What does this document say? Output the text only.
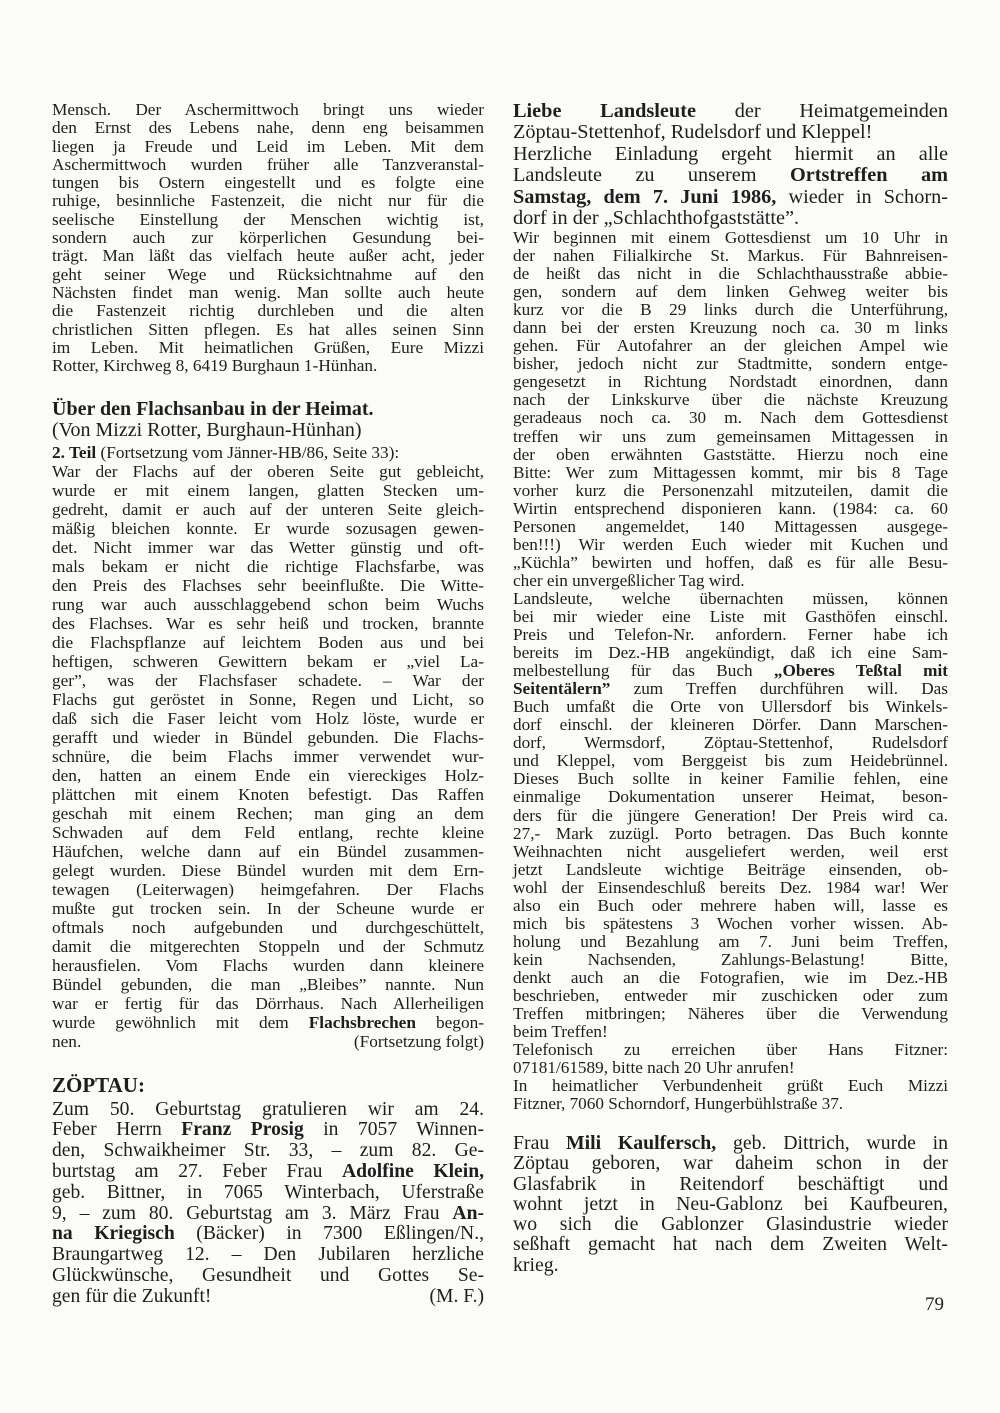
Mensch. Der Aschermittwoch bringt uns wieder
den Ernst des Lebens nahe, denn eng beisammen
liegen ja Freude und Leid im Leben. Mit dem
Aschermittwoch wurden früher alle Tanzveranstal-
tungen bis Ostern eingestellt und es folgte eine
ruhige, besinnliche Fastenzeit, die nicht nur für die
seelische Einstellung der Menschen wichtig ist,
sondern auch zur körperlichen Gesundung bei-
trägt. Man läßt das vielfach heute außer acht, jeder
geht seiner Wege und Rücksichtnahme auf den
Nächsten findet man wenig. Man sollte auch heute
die Fastenzeit richtig durchleben und die alten
christlichen Sitten pflegen. Es hat alles seinen Sinn
im Leben. Mit heimatlichen Grüßen, Eure Mizzi
Rotter, Kirchweg 8, 6419 Burghaun 1-Hünhan.
Über den Flachsanbau in der Heimat.
(Von Mizzi Rotter, Burghaun-Hünhan)
2. Teil (Fortsetzung vom Jänner-HB/86, Seite 33):
War der Flachs auf der oberen Seite gut gebleicht,
wurde er mit einem langen, glatten Stecken um-
gedreht, damit er auch auf der unteren Seite gleich-
mäßig bleichen konnte. Er wurde sozusagen gewen-
det. Nicht immer war das Wetter günstig und oft-
mals bekam er nicht die richtige Flachsfarbe, was
den Preis des Flachses sehr beeinflußte. Die Witte-
rung war auch ausschlaggebend schon beim Wuchs
des Flachses. War es sehr heiß und trocken, brannte
die Flachspflanze auf leichtem Boden aus und bei
heftigen, schweren Gewittern bekam er „viel La-
ger”, was der Flachsfaser schadete. – War der
Flachs gut geröstet in Sonne, Regen und Licht, so
daß sich die Faser leicht vom Holz löste, wurde er
gerafft und wieder in Bündel gebunden. Die Flachs-
schnüre, die beim Flachs immer verwendet wur-
den, hatten an einem Ende ein viereckiges Holz-
plättchen mit einem Knoten befestigt. Das Raffen
geschah mit einem Rechen; man ging an dem
Schwaden auf dem Feld entlang, rechte kleine
Häufchen, welche dann auf ein Bündel zusammen-
gelegt wurden. Diese Bündel wurden mit dem Ern-
tewagen (Leiterwagen) heimgefahren. Der Flachs
mußte gut trocken sein. In der Scheune wurde er
oftmals noch aufgebunden und durchgeschüttelt,
damit die mitgerechten Stoppeln und der Schmutz
herausfielen. Vom Flachs wurden dann kleinere
Bündel gebunden, die man „Bleibes” nannte. Nun
war er fertig für das Dörrhaus. Nach Allerheiligen
wurde gewöhnlich mit dem Flachsbrechen begon-
nen.	(Fortsetzung folgt)
ZÖPTAU:
Zum 50. Geburtstag gratulieren wir am 24.
Feber Herrn Franz Prosig in 7057 Winnen-
den, Schwaikheimer Str. 33, – zum 82. Ge-
burtstag am 27. Feber Frau Adolfine Klein,
geb. Bittner, in 7065 Winterbach, Uferstraße
9, – zum 80. Geburtstag am 3. März Frau An-
na Kriegisch (Bäcker) in 7300 Eßlingen/N.,
Braungartweg 12. – Den Jubilaren herzliche
Glückwünsche, Gesundheit und Gottes Se-
gen für die Zukunft!	(M. F.)
Liebe Landsleute der Heimatgemeinden
Zöptau-Stettenhof, Rudelsdorf und Kleppel!
Herzliche Einladung ergeht hiermit an alle
Landsleute zu unserem Ortstreffen am
Samstag, dem 7. Juni 1986, wieder in Schorn-
dorf in der „Schlachthofgaststätte”.
Wir beginnen mit einem Gottesdienst um 10 Uhr in
der nahen Filialkirche St. Markus. Für Bahnreisen-
de heißt das nicht in die Schlachthausstraße abbie-
gen, sondern auf dem linken Gehweg weiter bis
kurz vor die B 29 links durch die Unterführung,
dann bei der ersten Kreuzung noch ca. 30 m links
gehen. Für Autofahrer an der gleichen Ampel wie
bisher, jedoch nicht zur Stadtmitte, sondern entge-
gengesetzt in Richtung Nordstadt einordnen, dann
nach der Linkskurve über die nächste Kreuzung
geradeaus noch ca. 30 m. Nach dem Gottesdienst
treffen wir uns zum gemeinsamen Mittagessen in
der oben erwähnten Gaststätte. Hierzu noch eine
Bitte: Wer zum Mittagessen kommt, mir bis 8 Tage
vorher kurz die Personenzahl mitzuteilen, damit die
Wirtin entsprechend disponieren kann. (1984: ca. 60
Personen angemeldet, 140 Mittagessen ausgege-
ben!!!) Wir werden Euch wieder mit Kuchen und
„Küchla” bewirten und hoffen, daß es für alle Besu-
cher ein unvergeßlicher Tag wird.
Landsleute, welche übernachten müssen, können
bei mir wieder eine Liste mit Gasthöfen einschl.
Preis und Telefon-Nr. anfordern. Ferner habe ich
bereits im Dez.-HB angekündigt, daß ich eine Sam-
melbestellung für das Buch „Oberes Teßtal mit
Seitentälern” zum Treffen durchführen will. Das
Buch umfaßt die Orte von Ullersdorf bis Winkels-
dorf einschl. der kleineren Dörfer. Dann Marschen-
dorf, Wermsdorf, Zöptau-Stettenhof, Rudelsdorf
und Kleppel, vom Berggeist bis zum Heidebrünnel.
Dieses Buch sollte in keiner Familie fehlen, eine
einmalige Dokumentation unserer Heimat, beson-
ders für die jüngere Generation! Der Preis wird ca.
27,- Mark zuzügl. Porto betragen. Das Buch konnte
Weihnachten nicht ausgeliefert werden, weil erst
jetzt Landsleute wichtige Beiträge einsenden, ob-
wohl der Einsendeschluß bereits Dez. 1984 war! Wer
also ein Buch oder mehrere haben will, lasse es
mich bis spätestens 3 Wochen vorher wissen. Ab-
holung und Bezahlung am 7. Juni beim Treffen,
kein Nachsenden, Zahlungs-Belastung! Bitte,
denkt auch an die Fotografien, wie im Dez.-HB
beschrieben, entweder mir zuschicken oder zum
Treffen mitbringen; Näheres über die Verwendung
beim Treffen!
Telefonisch zu erreichen über Hans Fitzner:
07181/61589, bitte nach 20 Uhr anrufen!
In heimatlicher Verbundenheit grüßt Euch Mizzi
Fitzner, 7060 Schorndorf, Hungerbühlstraße 37.
Frau Mili Kaulfersch, geb. Dittrich, wurde in
Zöptau geboren, war daheim schon in der
Glasfabrik in Reitendorf beschäftigt und
wohnt jetzt in Neu-Gablonz bei Kaufbeuren,
wo sich die Gablonzer Glasindustrie wieder
seßhaft gemacht hat nach dem Zweiten Welt-
krieg.
79
